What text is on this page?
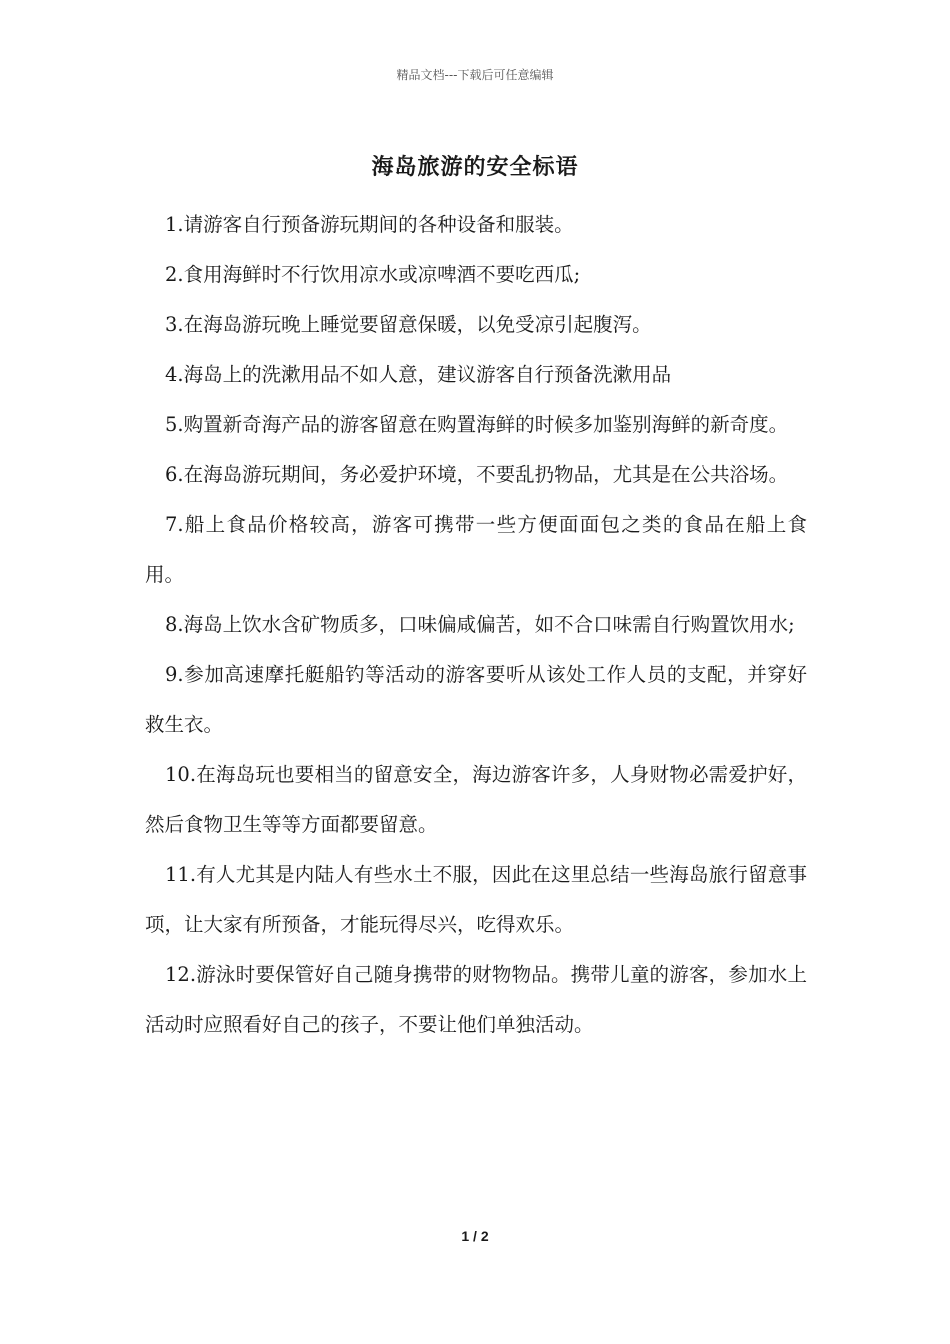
精品文档---下载后可任意编辑
海岛旅游的安全标语

1.请游客自行预备游玩期间的各种设备和服装。

2.食用海鲜时不行饮用凉水或凉啤酒不要吃西瓜;

3.在海岛游玩晚上睡觉要留意保暖，以免受凉引起腹泻。

4.海岛上的洗漱用品不如人意，建议游客自行预备洗漱用品

5.购置新奇海产品的游客留意在购置海鲜的时候多加鉴别海鲜的新奇度。

6.在海岛游玩期间，务必爱护环境，不要乱扔物品，尤其是在公共浴场。

7.船上食品价格较高，游客可携带一些方便面面包之类的食品在船上食用。

8.海岛上饮水含矿物质多，口味偏咸偏苦，如不合口味需自行购置饮用水;

9.参加高速摩托艇船钓等活动的游客要听从该处工作人员的支配，并穿好救生衣。

10.在海岛玩也要相当的留意安全，海边游客许多，人身财物必需爱护好，然后食物卫生等等方面都要留意。

11.有人尤其是内陆人有些水土不服，因此在这里总结一些海岛旅行留意事项，让大家有所预备，才能玩得尽兴，吃得欢乐。

12.游泳时要保管好自己随身携带的财物物品。携带儿童的游客，参加水上活动时应照看好自己的孩子，不要让他们单独活动。

1 / 2
